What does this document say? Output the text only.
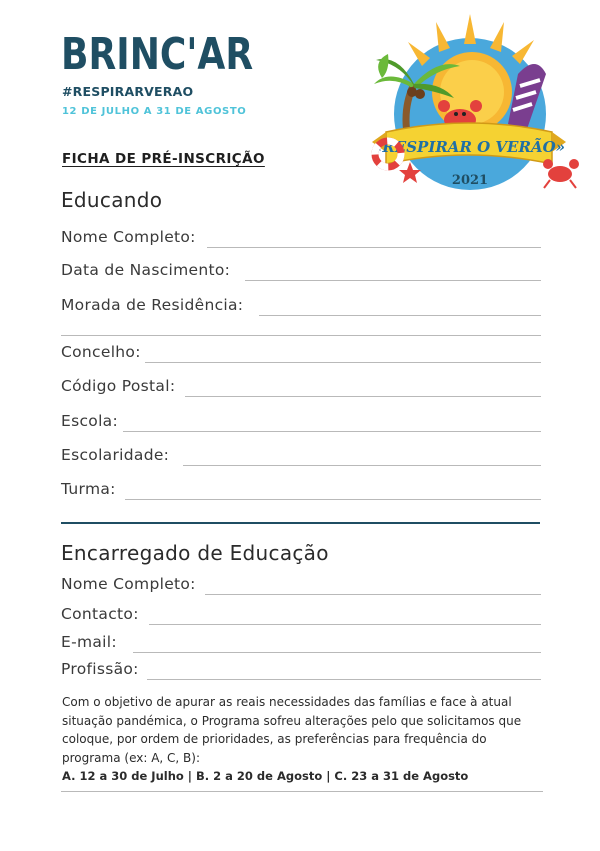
BRINC'AR
#RESPIRARVERAO
12 DE JULHO A 31 DE AGOSTO
«RESPIRAR O VERÃO»
2021
FICHA DE PRÉ-INSCRIÇÃO
Educando
Nome Completo:
Data de Nascimento:
Morada de Residência:
Concelho:
Código Postal:
Escola:
Escolaridade:
Turma:
Encarregado de Educação
Nome Completo:
Contacto:
E-mail:
Profissão:
Com o objetivo de apurar as reais necessidades das famílias e face à atual situação pandémica, o Programa sofreu alterações pelo que solicitamos que coloque, por ordem de prioridades, as preferências para frequência do programa (ex: A, C, B):
A. 12 a 30 de Julho | B. 2 a 20 de Agosto | C. 23 a 31 de Agosto
